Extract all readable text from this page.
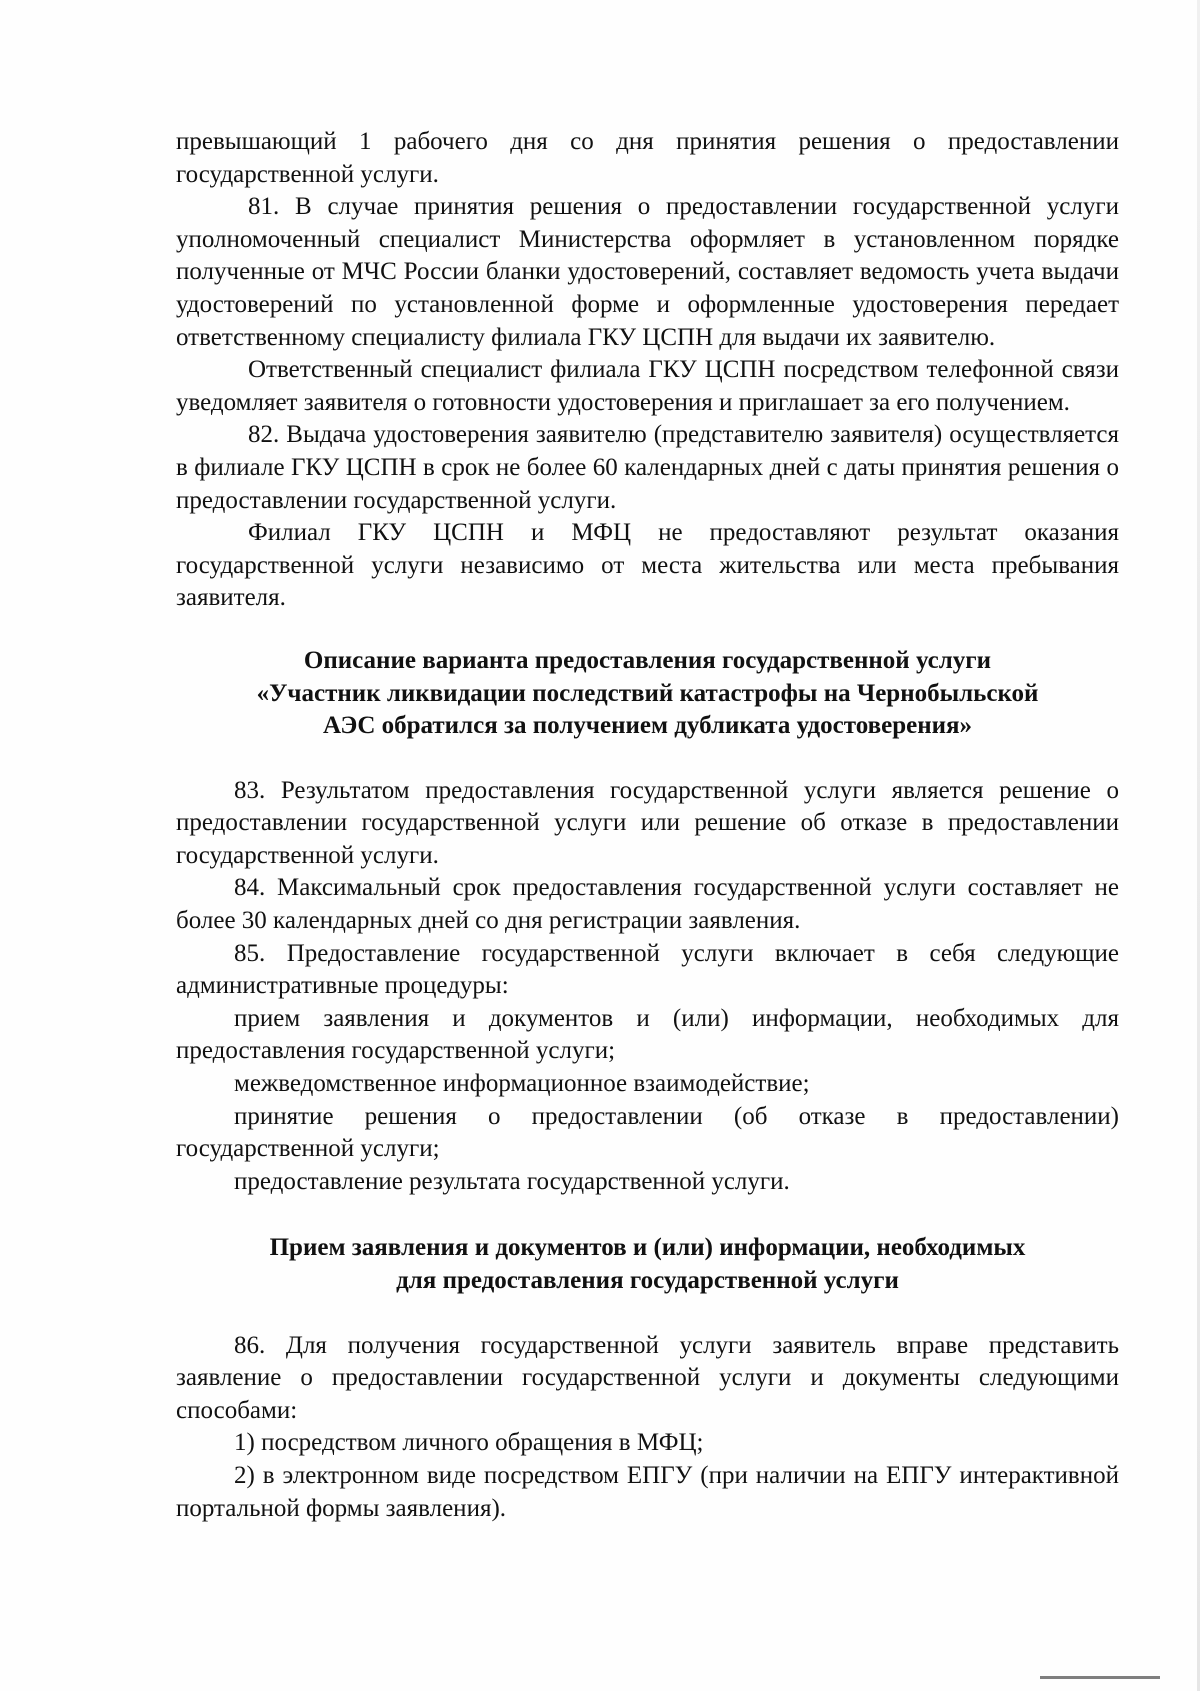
превышающий 1 рабочего дня со дня принятия решения о предоставлении государственной услуги.

81. В случае принятия решения о предоставлении государственной услуги уполномоченный специалист Министерства оформляет в установленном порядке полученные от МЧС России бланки удостоверений, составляет ведомость учета выдачи удостоверений по установленной форме и оформленные удостоверения передает ответственному специалисту филиала ГКУ ЦСПН для выдачи их заявителю.

Ответственный специалист филиала ГКУ ЦСПН посредством телефонной связи уведомляет заявителя о готовности удостоверения и приглашает за его получением.

82. Выдача удостоверения заявителю (представителю заявителя) осуществляется в филиале ГКУ ЦСПН в срок не более 60 календарных дней с даты принятия решения о предоставлении государственной услуги.

Филиал ГКУ ЦСПН и МФЦ не предоставляют результат оказания государственной услуги независимо от места жительства или места пребывания заявителя.

Описание варианта предоставления государственной услуги
«Участник ликвидации последствий катастрофы на Чернобыльской
АЭС обратился за получением дубликата удостоверения»

83. Результатом предоставления государственной услуги является решение о предоставлении государственной услуги или решение об отказе в предоставлении государственной услуги.

84. Максимальный срок предоставления государственной услуги составляет не более 30 календарных дней со дня регистрации заявления.

85. Предоставление государственной услуги включает в себя следующие административные процедуры:

прием заявления и документов и (или) информации, необходимых для предоставления государственной услуги;

межведомственное информационное взаимодействие;

принятие решения о предоставлении (об отказе в предоставлении) государственной услуги;

предоставление результата государственной услуги.

Прием заявления и документов и (или) информации, необходимых
для предоставления государственной услуги

86. Для получения государственной услуги заявитель вправе представить заявление о предоставлении государственной услуги и документы следующими способами:

1) посредством личного обращения в МФЦ;

2) в электронном виде посредством ЕПГУ (при наличии на ЕПГУ интерактивной портальной формы заявления).
